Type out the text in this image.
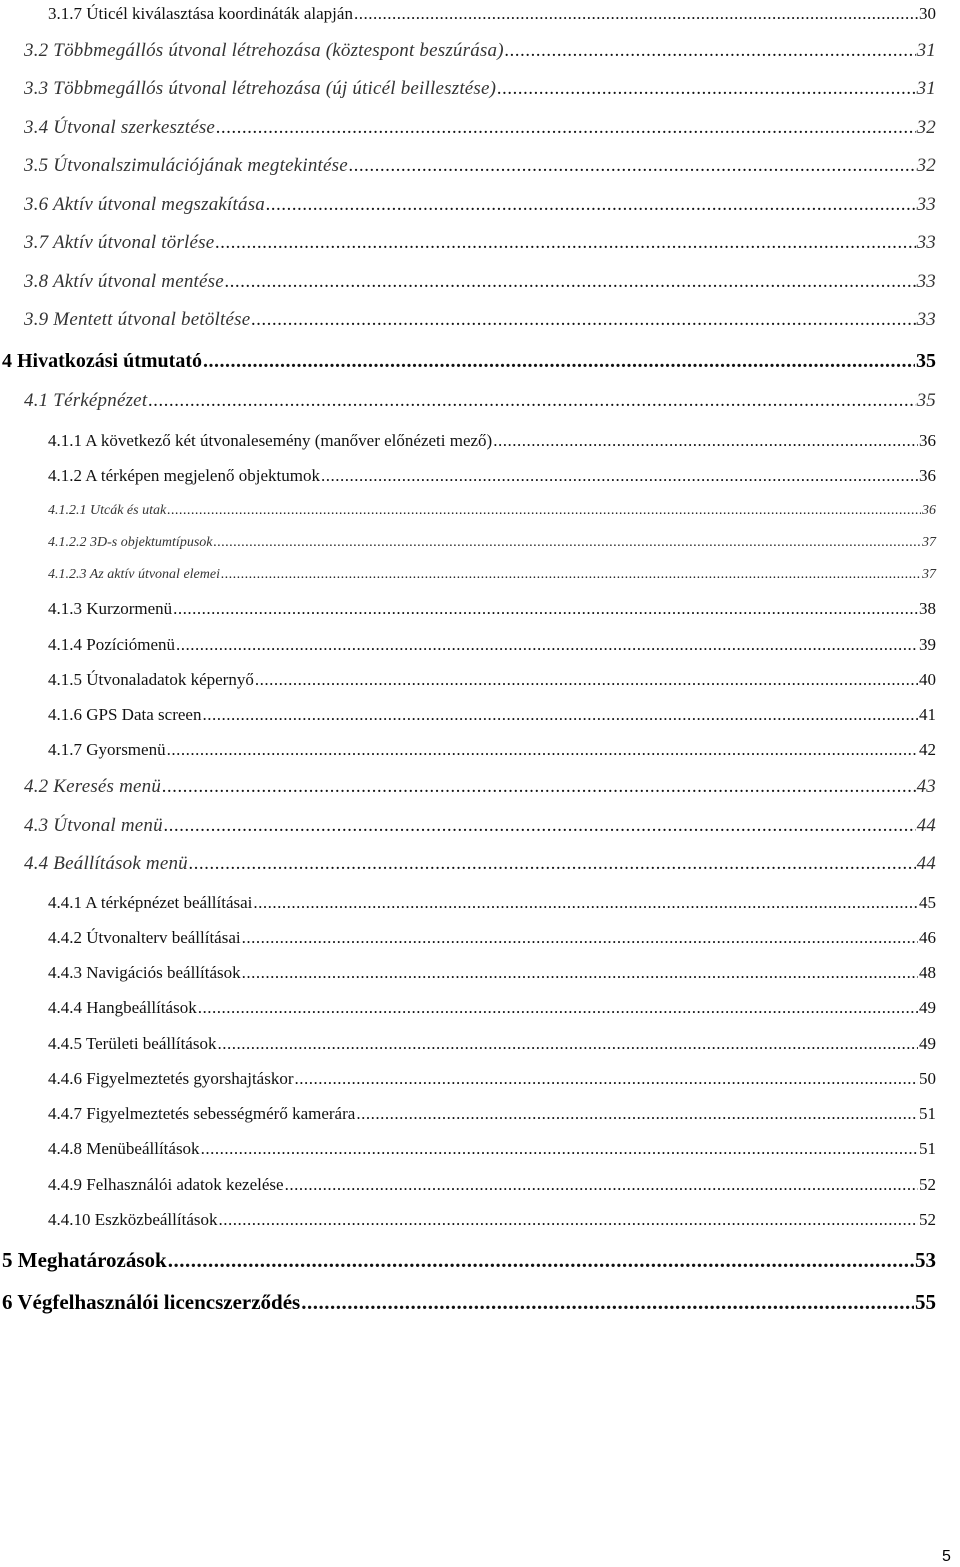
3.1.7 Úticél kiválasztása koordináták alapján .....	30
3.2 Többmegállós útvonal létrehozása (köztespont beszúrása) .....	31
3.3 Többmegállós útvonal létrehozása (új úticél beillesztése) .....	31
3.4 Útvonal szerkesztése .....	32
3.5 Útvonalszimulációjának megtekintése .....	32
3.6 Aktív útvonal megszakítása .....	33
3.7 Aktív útvonal törlése .....	33
3.8 Aktív útvonal mentése .....	33
3.9 Mentett útvonal betöltése .....	33
4 Hivatkozási útmutató .....	35
4.1 Térképnézet .....	35
4.1.1 A következő két útvonalesemény (manőver előnézeti mező) .....	36
4.1.2 A térképen megjelenő objektumok .....	36
4.1.2.1 Utcák és utak .....	36
4.1.2.2 3D-s objektumtípusok .....	37
4.1.2.3 Az aktív útvonal elemei .....	37
4.1.3 Kurzormenü .....	38
4.1.4 Pozíciómenü .....	39
4.1.5 Útvonaladatok képernyő .....	40
4.1.6 GPS Data screen .....	41
4.1.7 Gyorsmenü .....	42
4.2 Keresés menü .....	43
4.3 Útvonal menü .....	44
4.4 Beállítások menü .....	44
4.4.1 A térképnézet beállításai .....	45
4.4.2 Útvonalterv beállításai .....	46
4.4.3 Navigációs beállítások .....	48
4.4.4 Hangbeállítások .....	49
4.4.5 Területi beállítások .....	49
4.4.6 Figyelmeztetés gyorshajtáskor .....	50
4.4.7 Figyelmeztetés sebességmérő kamerára .....	51
4.4.8 Menübeállítások .....	51
4.4.9 Felhasználói adatok kezelése .....	52
4.4.10 Eszközbeállítások .....	52
5 Meghatározások .....	53
6 Végfelhasználói licencszerződés .....	55
5
